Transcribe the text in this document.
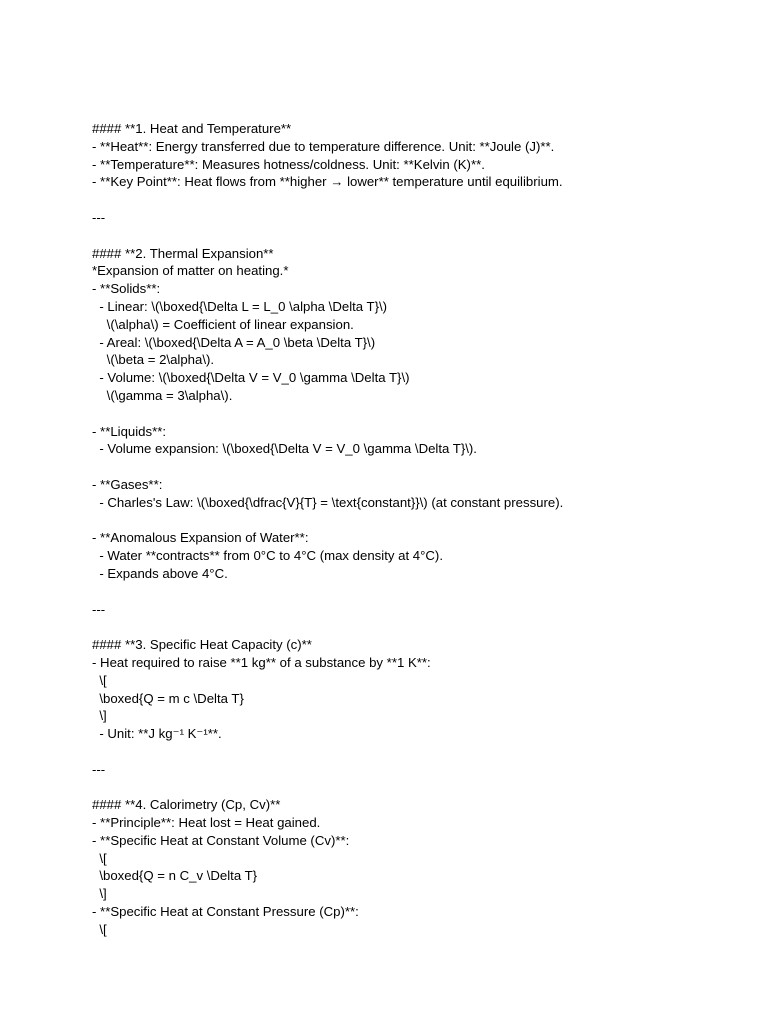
#### **1. Heat and Temperature**
- **Heat**: Energy transferred due to temperature difference. Unit: **Joule (J)**.
- **Temperature**: Measures hotness/coldness. Unit: **Kelvin (K)**.
- **Key Point**: Heat flows from **higher → lower** temperature until equilibrium.
---
#### **2. Thermal Expansion**
*Expansion of matter on heating.*
- **Solids**:
- Linear: \(\boxed{\Delta L = L_0 \alpha \Delta T}\)
\(\alpha\) = Coefficient of linear expansion.
- Areal: \(\boxed{\Delta A = A_0 \beta \Delta T}\)
\(\beta = 2\alpha\).
- Volume: \(\boxed{\Delta V = V_0 \gamma \Delta T}\)
\(\gamma = 3\alpha\).
- **Liquids**:
- Volume expansion: \(\boxed{\Delta V = V_0 \gamma \Delta T}\).
- **Gases**:
- Charles's Law: \(\boxed{\dfrac{V}{T} = \text{constant}}\) (at constant pressure).
- **Anomalous Expansion of Water**:
- Water **contracts** from 0°C to 4°C (max density at 4°C).
- Expands above 4°C.
---
#### **3. Specific Heat Capacity (c)**
- Heat required to raise **1 kg** of a substance by **1 K**:
\[
\boxed{Q = m c \Delta T}
\]
- Unit: **J kg⁻¹ K⁻¹**.
---
#### **4. Calorimetry (Cp, Cv)**
- **Principle**: Heat lost = Heat gained.
- **Specific Heat at Constant Volume (Cv)**:
\[
\boxed{Q = n C_v \Delta T}
\]
- **Specific Heat at Constant Pressure (Cp)**:
\[
